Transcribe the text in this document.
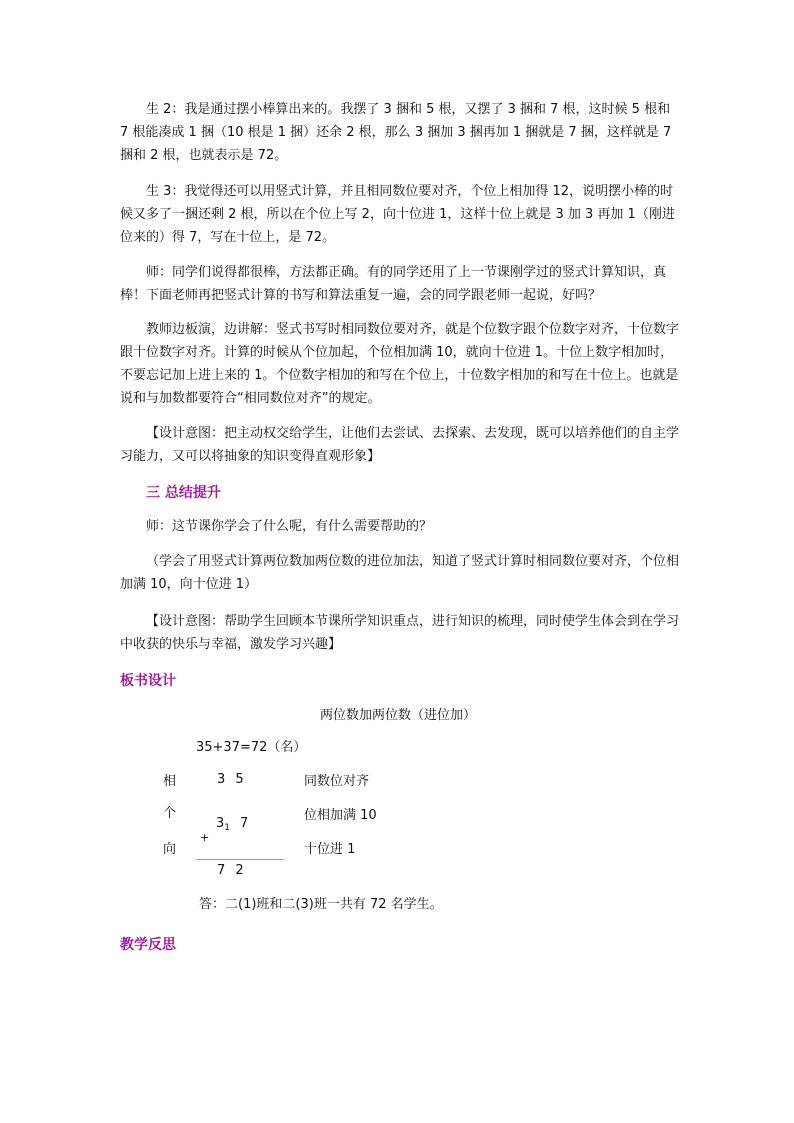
生 2：我是通过摆小棒算出来的。我摆了 3 捆和 5 根，又摆了 3 捆和 7 根，这时候 5 根和 7 根能凑成 1 捆（10 根是 1 捆）还余 2 根，那么 3 捆加 3 捆再加 1 捆就是 7 捆，这样就是 7 捆和 2 根，也就表示是 72。

生 3：我觉得还可以用竖式计算，并且相同数位要对齐，个位上相加得 12，说明摆小棒的时候又多了一捆还剩 2 根，所以在个位上写 2，向十位进 1，这样十位上就是 3 加 3 再加 1（刚进位来的）得 7，写在十位上，是 72。

师：同学们说得都很棒，方法都正确。有的同学还用了上一节课刚学过的竖式计算知识，真棒！下面老师再把竖式计算的书写和算法重复一遍，会的同学跟老师一起说，好吗？

教师边板演，边讲解：竖式书写时相同数位要对齐，就是个位数字跟个位数字对齐，十位数字跟十位数字对齐。计算的时候从个位加起，个位相加满 10，就向十位进 1。十位上数字相加时，不要忘记加上进上来的 1。个位数字相加的和写在个位上，十位数字相加的和写在十位上。也就是说和与加数都要符合“相同数位对齐”的规定。

【设计意图：把主动权交给学生，让他们去尝试、去探索、去发现，既可以培养他们的自主学习能力，又可以将抽象的知识变得直观形象】

三 总结提升

师：这节课你学会了什么呢，有什么需要帮助的？

（学会了用竖式计算两位数加两位数的进位加法，知道了竖式计算时相同数位要对齐，个位相加满 10，向十位进 1）

【设计意图：帮助学生回顾本节课所学知识重点，进行知识的梳理，同时使学生体会到在学习中收获的快乐与幸福，激发学习兴趣】

板书设计

两位数加两位数（进位加）
35+37=72（名）
相
个
向
3 5
+
$3_1$ 7
7 2
同数位对齐
位相加满 10
十位进 1
答：二(1)班和二(3)班一共有 72 名学生。

教学反思
